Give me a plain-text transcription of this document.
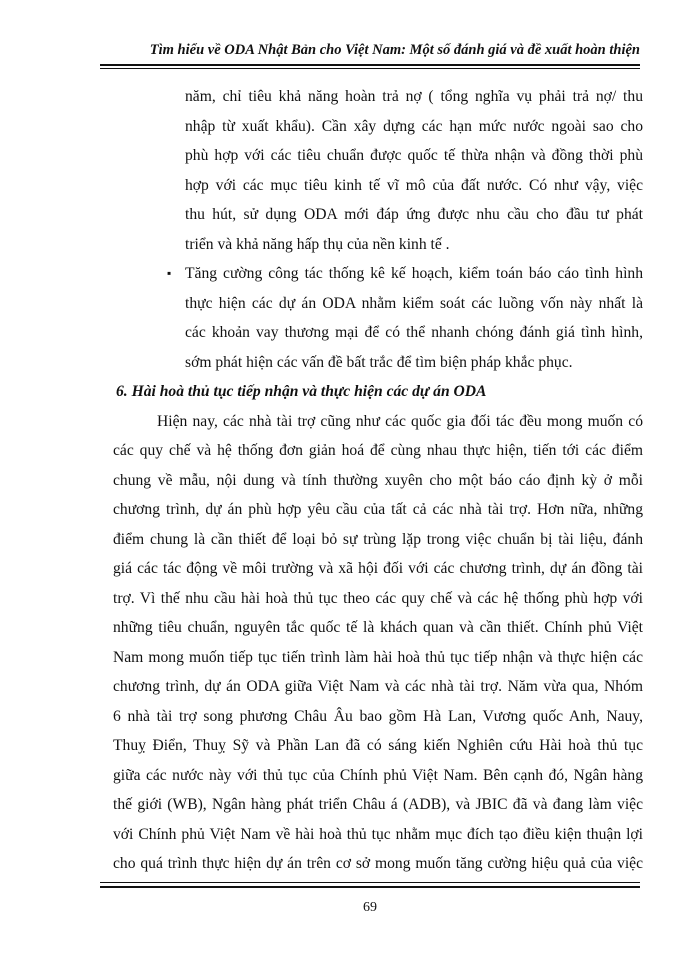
Tìm hiểu về ODA Nhật Bản cho Việt Nam: Một số đánh giá và đề xuất hoàn thiện
năm, chỉ tiêu khả năng hoàn trả nợ ( tổng nghĩa vụ phải trả nợ/ thu
nhập từ xuất khẩu). Cần xây dựng các hạn mức nước ngoài sao cho
phù hợp với các tiêu chuẩn được quốc tế thừa nhận và đồng thời phù
hợp với các mục tiêu kinh tế vĩ mô của đất nước. Có như vậy, việc
thu hút, sử dụng ODA mới đáp ứng được nhu cầu cho đầu tư phát
triển và khả năng hấp thụ của nền kinh tế .
▪ Tăng cường công tác thống kê kế hoạch, kiểm toán báo cáo tình hình
thực hiện các dự án ODA nhằm kiểm soát các luồng vốn này nhất là
các khoản vay thương mại để có thể nhanh chóng đánh giá tình hình,
sớm phát hiện các vấn đề bất trắc để tìm biện pháp khắc phục.
6. Hài hoà thủ tục tiếp nhận và thực hiện các dự án ODA
Hiện nay, các nhà tài trợ cũng như các quốc gia đối tác đều mong muốn có
các quy chế và hệ thống đơn giản hoá để cùng nhau thực hiện, tiến tới các điểm
chung về mẫu, nội dung và tính thường xuyên cho một báo cáo định kỳ ở mỗi
chương trình, dự án phù hợp yêu cầu của tất cả các nhà tài trợ. Hơn nữa, những
điểm chung là cần thiết để loại bỏ sự trùng lặp trong việc chuẩn bị tài liệu, đánh
giá các tác động về môi trường và xã hội đối với các chương trình, dự án đồng tài
trợ. Vì thế nhu cầu hài hoà thủ tục theo các quy chế và các hệ thống phù hợp với
những tiêu chuẩn, nguyên tắc quốc tế là khách quan và cần thiết. Chính phủ Việt
Nam mong muốn tiếp tục tiến trình làm hài hoà thủ tục tiếp nhận và thực hiện các
chương trình, dự án ODA giữa Việt Nam và các nhà tài trợ. Năm vừa qua, Nhóm
6 nhà tài trợ song phương Châu Âu bao gồm Hà Lan, Vương quốc Anh, Nauy,
Thuỵ Điển, Thuỵ Sỹ và Phần Lan đã có sáng kiến Nghiên cứu Hài hoà thủ tục
giữa các nước này với thủ tục của Chính phủ Việt Nam. Bên cạnh đó, Ngân hàng
thế giới (WB), Ngân hàng phát triển Châu á (ADB), và JBIC đã và đang làm việc
với Chính phủ Việt Nam về hài hoà thủ tục nhằm mục đích tạo điều kiện thuận lợi
cho quá trình thực hiện dự án trên cơ sở mong muốn tăng cường hiệu quả của việc
69
